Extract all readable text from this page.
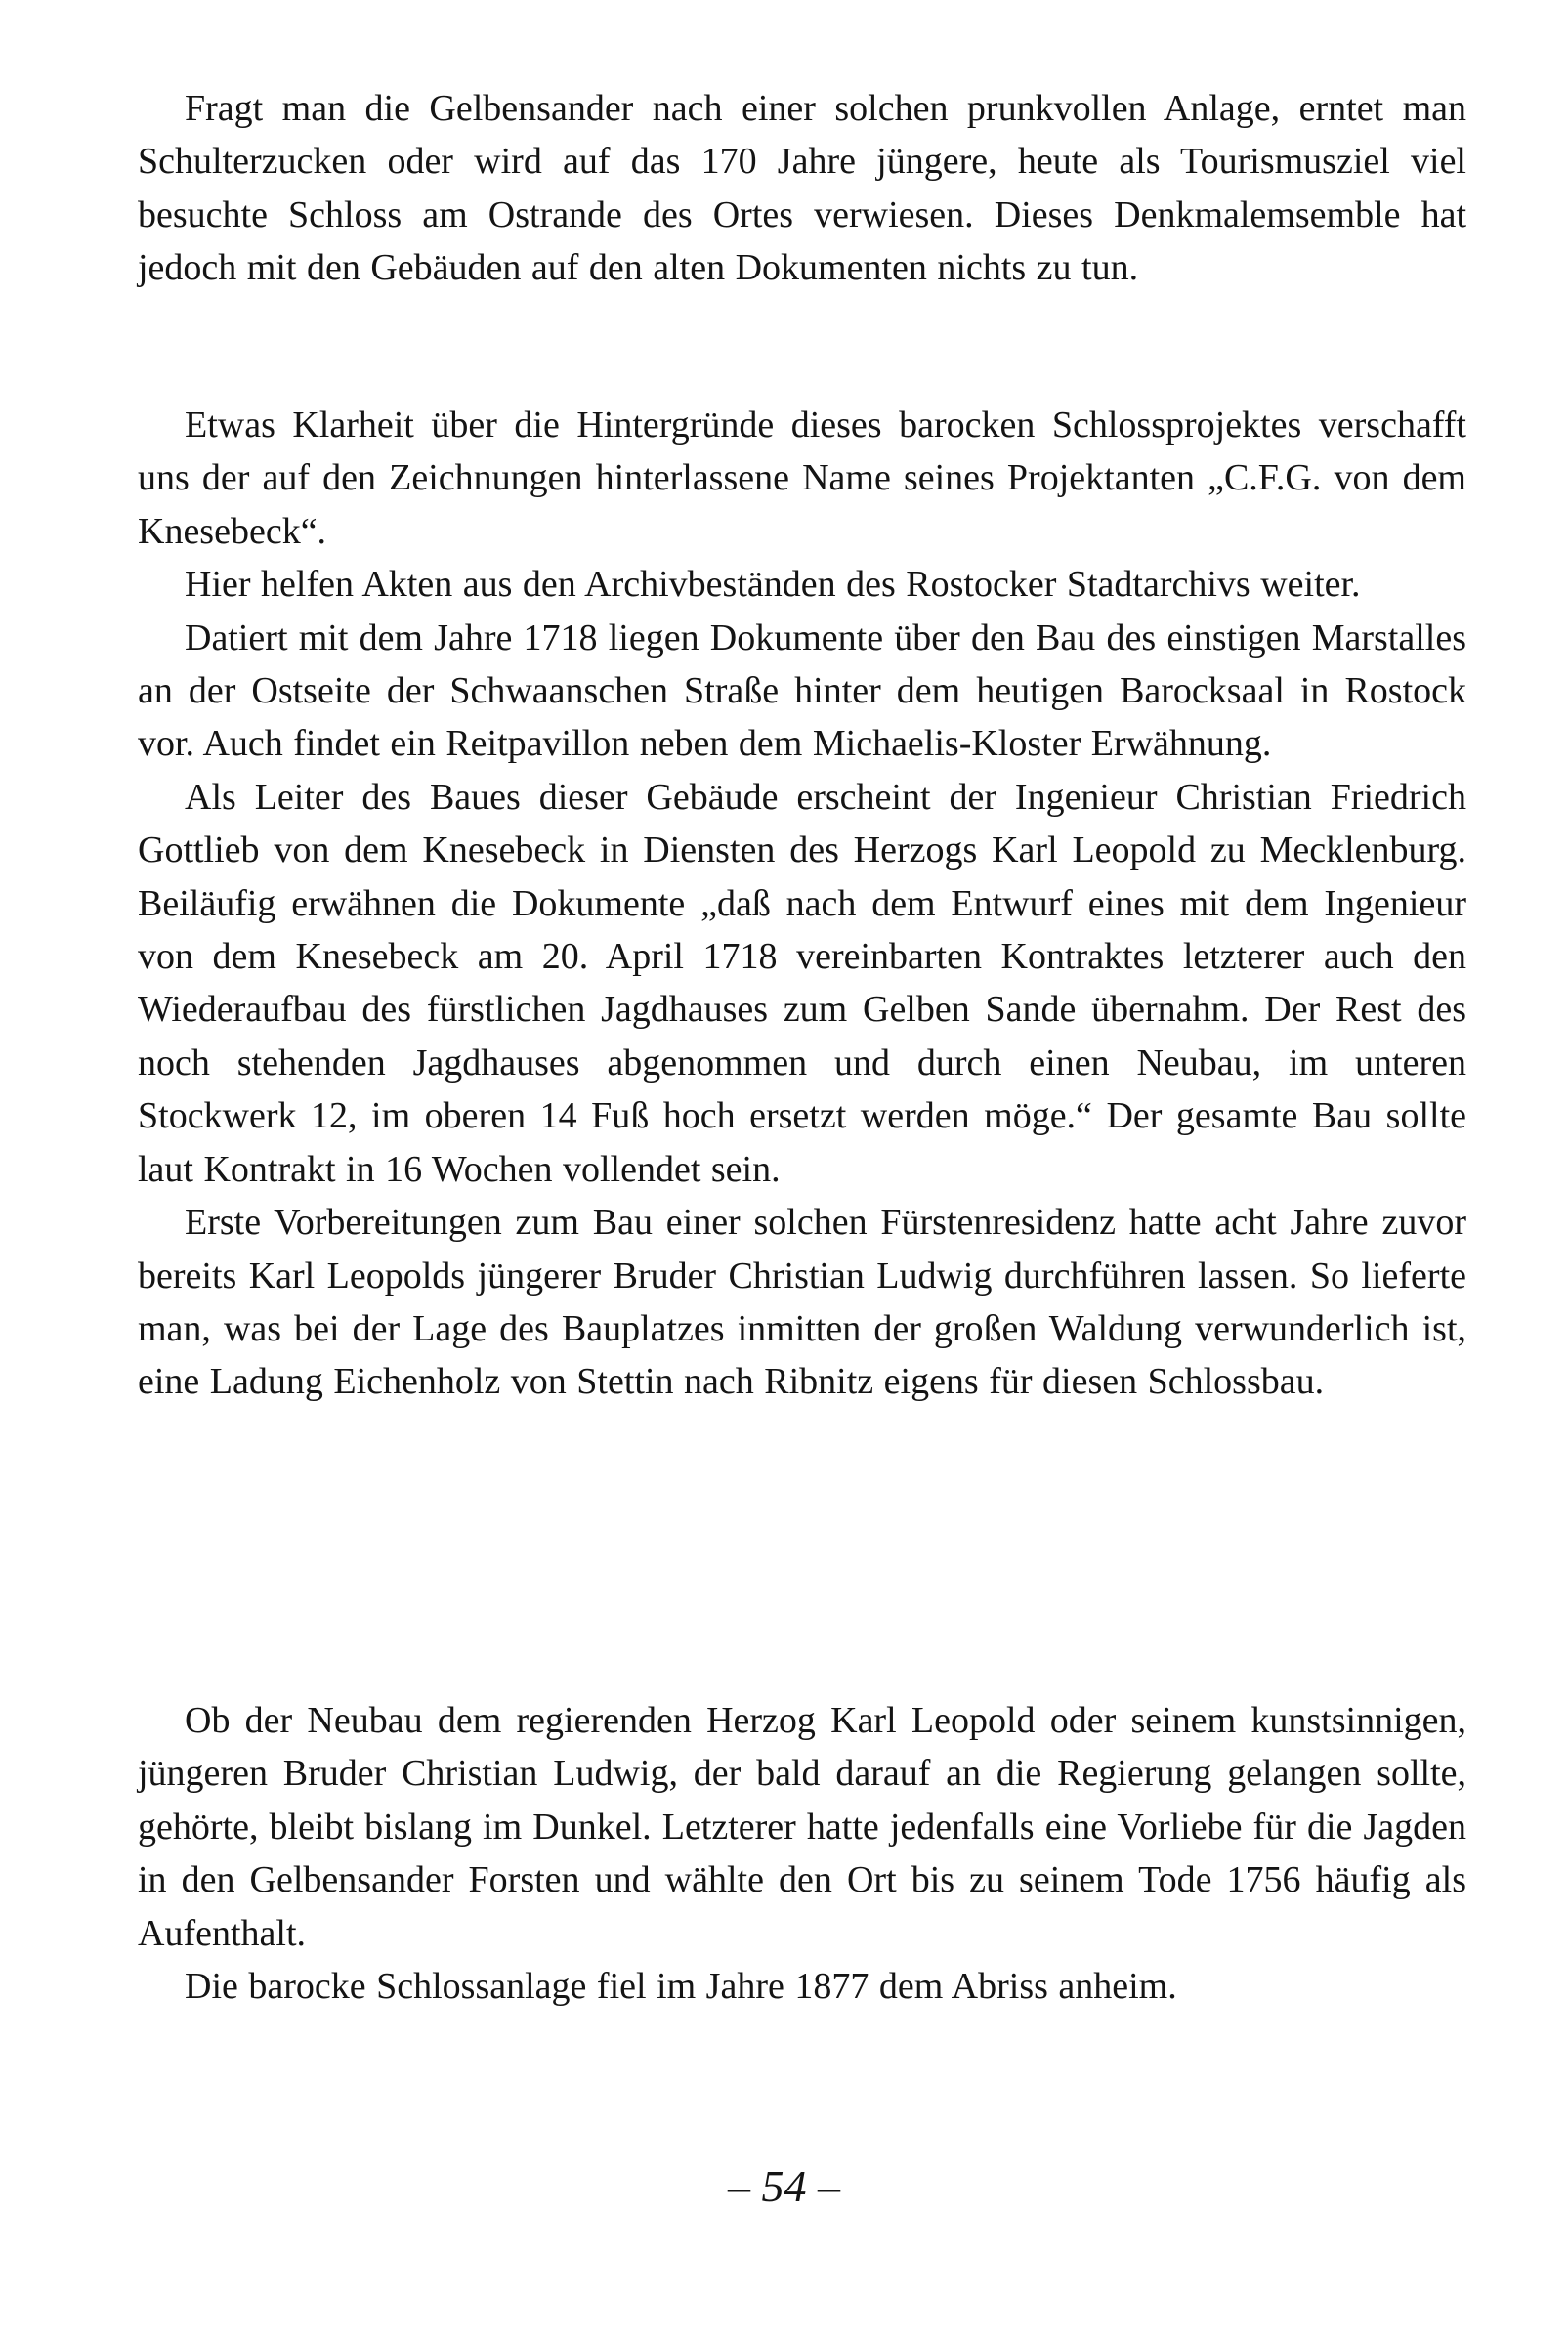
Fragt man die Gelbensander nach einer solchen prunkvollen Anlage, erntet man Schulterzucken oder wird auf das 170 Jahre jüngere, heute als Tourismusziel viel besuchte Schloss am Ostrande des Ortes verwiesen. Dieses Denkmalemsemble hat jedoch mit den Gebäuden auf den alten Dokumenten nichts zu tun.

Etwas Klarheit über die Hintergründe dieses barocken Schlossprojektes verschafft uns der auf den Zeichnungen hinterlassene Name seines Projektanten „C.F.G. von dem Knesebeck“.

Hier helfen Akten aus den Archivbeständen des Rostocker Stadtarchivs weiter.

Datiert mit dem Jahre 1718 liegen Dokumente über den Bau des einstigen Marstalles an der Ostseite der Schwaanschen Straße hinter dem heutigen Barocksaal in Rostock vor. Auch findet ein Reitpavillon neben dem Michaelis-Kloster Erwähnung.

Als Leiter des Baues dieser Gebäude erscheint der Ingenieur Christian Friedrich Gottlieb von dem Knesebeck in Diensten des Herzogs Karl Leopold zu Mecklenburg. Beiläufig erwähnen die Dokumente „daß nach dem Entwurf eines mit dem Ingenieur von dem Knesebeck am 20. April 1718 vereinbarten Kontraktes letzterer auch den Wiederaufbau des fürstlichen Jagdhauses zum Gelben Sande übernahm. Der Rest des noch stehenden Jagdhauses abgenommen und durch einen Neubau, im unteren Stockwerk 12, im oberen 14 Fuß hoch ersetzt werden möge.“ Der gesamte Bau sollte laut Kontrakt in 16 Wochen vollendet sein.

Erste Vorbereitungen zum Bau einer solchen Fürstenresidenz hatte acht Jahre zuvor bereits Karl Leopolds jüngerer Bruder Christian Ludwig durchführen lassen. So lieferte man, was bei der Lage des Bauplatzes inmitten der großen Waldung verwunderlich ist, eine Ladung Eichenholz von Stettin nach Ribnitz eigens für diesen Schlossbau.

Ob der Neubau dem regierenden Herzog Karl Leopold oder seinem kunstsinnigen, jüngeren Bruder Christian Ludwig, der bald darauf an die Regierung gelangen sollte, gehörte, bleibt bislang im Dunkel. Letzterer hatte jedenfalls eine Vorliebe für die Jagden in den Gelbensander Forsten und wählte den Ort bis zu seinem Tode 1756 häufig als Aufenthalt.

Die barocke Schlossanlage fiel im Jahre 1877 dem Abriss anheim.

– 54 –
